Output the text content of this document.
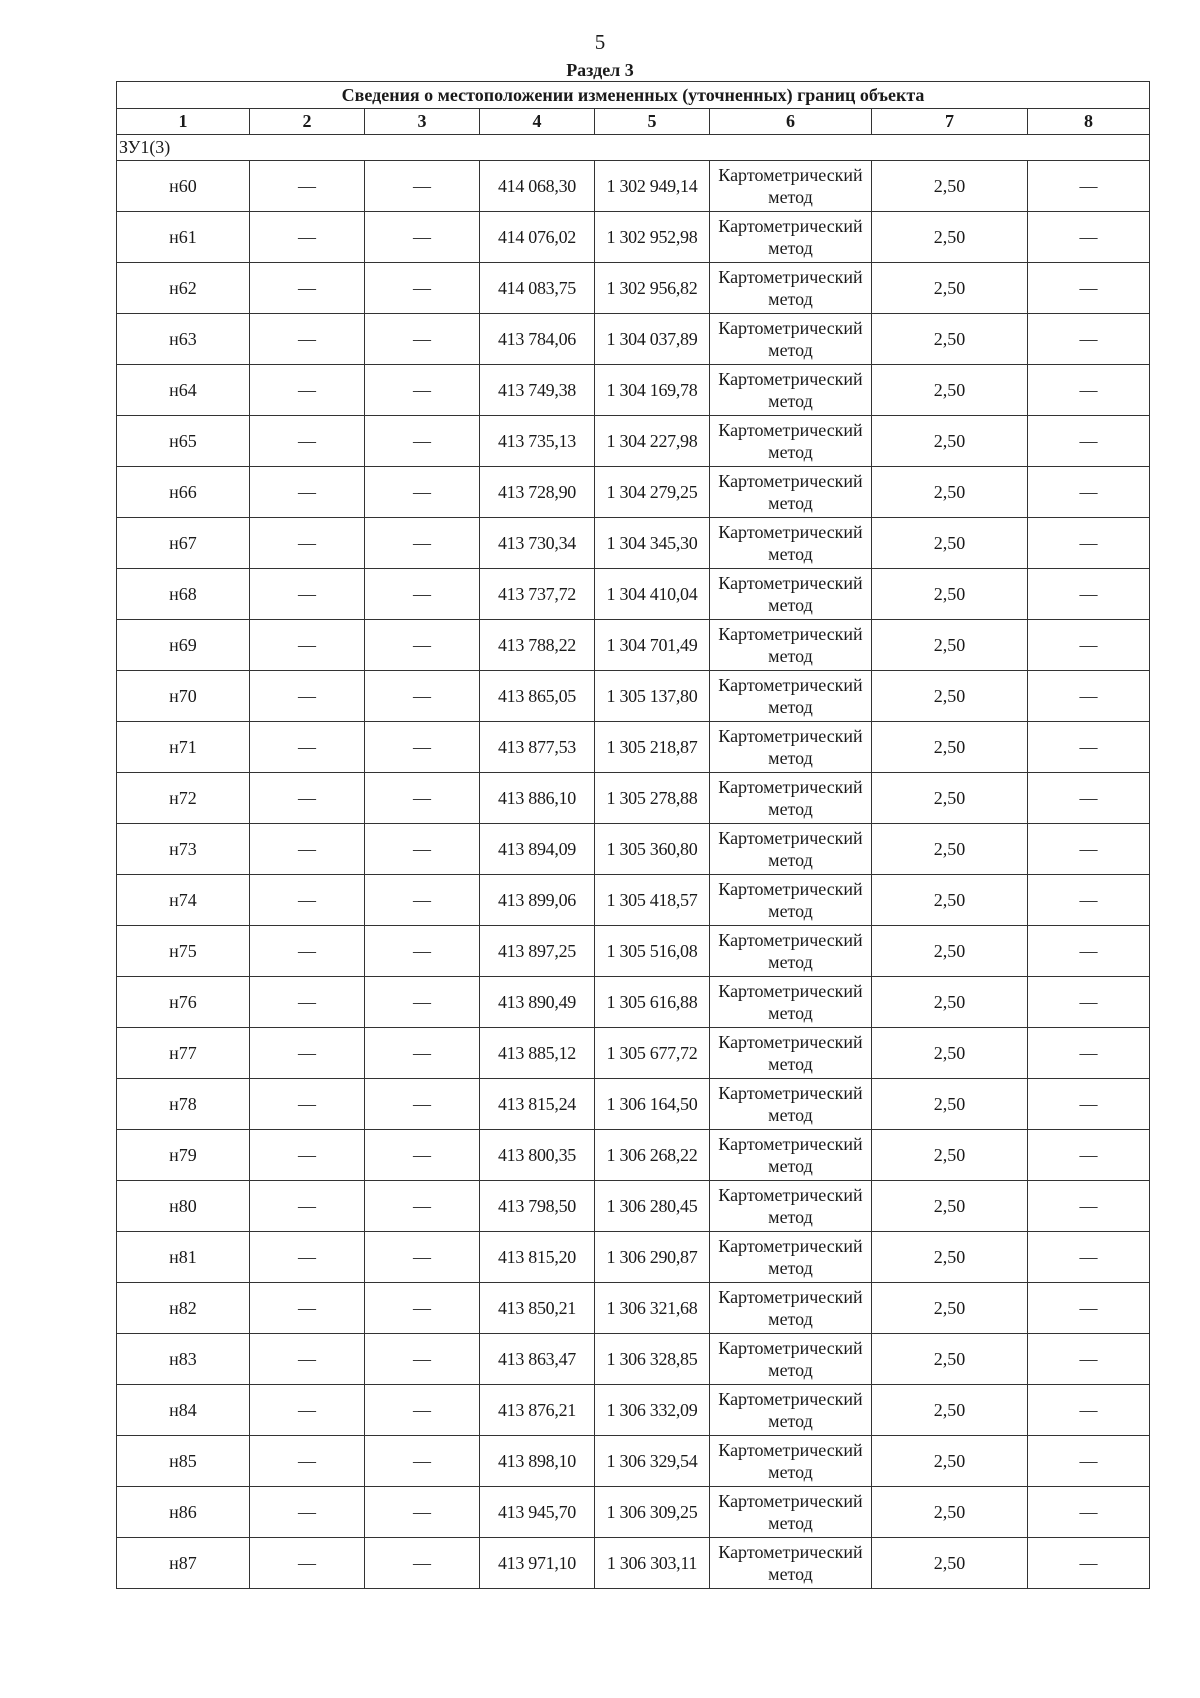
5
Раздел 3
Сведения о местоположении измененных (уточненных) границ объекта							
1	2	3	4	5	6	7	8
ЗУ1(3)							
н60	—	—	414 068,30	1 302 949,14	Картометрический метод	2,50	—
н61	—	—	414 076,02	1 302 952,98	Картометрический метод	2,50	—
н62	—	—	414 083,75	1 302 956,82	Картометрический метод	2,50	—
н63	—	—	413 784,06	1 304 037,89	Картометрический метод	2,50	—
н64	—	—	413 749,38	1 304 169,78	Картометрический метод	2,50	—
н65	—	—	413 735,13	1 304 227,98	Картометрический метод	2,50	—
н66	—	—	413 728,90	1 304 279,25	Картометрический метод	2,50	—
н67	—	—	413 730,34	1 304 345,30	Картометрический метод	2,50	—
н68	—	—	413 737,72	1 304 410,04	Картометрический метод	2,50	—
н69	—	—	413 788,22	1 304 701,49	Картометрический метод	2,50	—
н70	—	—	413 865,05	1 305 137,80	Картометрический метод	2,50	—
н71	—	—	413 877,53	1 305 218,87	Картометрический метод	2,50	—
н72	—	—	413 886,10	1 305 278,88	Картометрический метод	2,50	—
н73	—	—	413 894,09	1 305 360,80	Картометрический метод	2,50	—
н74	—	—	413 899,06	1 305 418,57	Картометрический метод	2,50	—
н75	—	—	413 897,25	1 305 516,08	Картометрический метод	2,50	—
н76	—	—	413 890,49	1 305 616,88	Картометрический метод	2,50	—
н77	—	—	413 885,12	1 305 677,72	Картометрический метод	2,50	—
н78	—	—	413 815,24	1 306 164,50	Картометрический метод	2,50	—
н79	—	—	413 800,35	1 306 268,22	Картометрический метод	2,50	—
н80	—	—	413 798,50	1 306 280,45	Картометрический метод	2,50	—
н81	—	—	413 815,20	1 306 290,87	Картометрический метод	2,50	—
н82	—	—	413 850,21	1 306 321,68	Картометрический метод	2,50	—
н83	—	—	413 863,47	1 306 328,85	Картометрический метод	2,50	—
н84	—	—	413 876,21	1 306 332,09	Картометрический метод	2,50	—
н85	—	—	413 898,10	1 306 329,54	Картометрический метод	2,50	—
н86	—	—	413 945,70	1 306 309,25	Картометрический метод	2,50	—
н87	—	—	413 971,10	1 306 303,11	Картометрический метод	2,50	—
